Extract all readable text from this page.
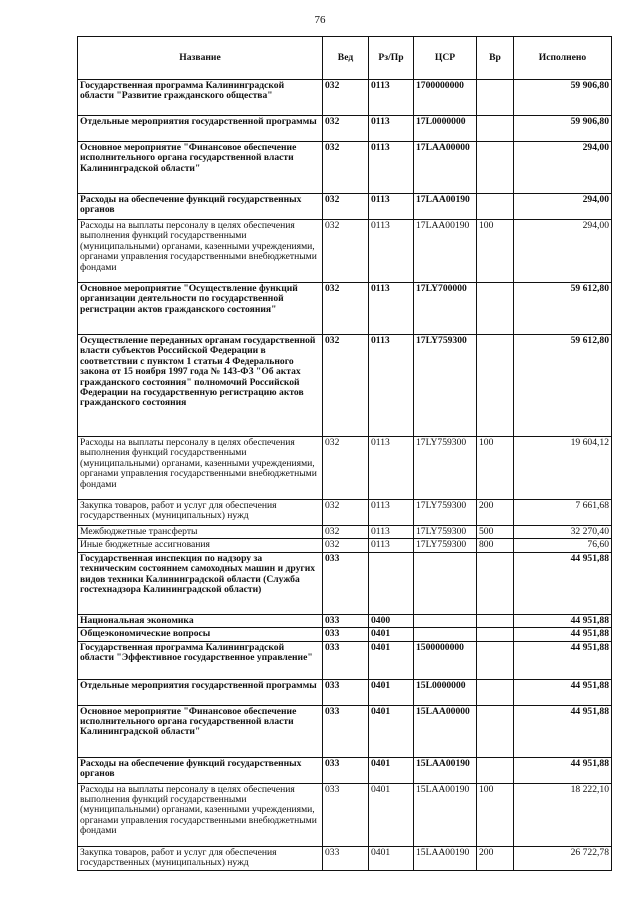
76
Название	Вед	Рз/Пр	ЦСР	Вр	Исполнено
Государственная программа Калининградской области "Развитие гражданского общества"	032	0113	1700000000		59 906,80
Отдельные мероприятия государственной программы	032	0113	17L0000000		59 906,80
Основное мероприятие "Финансовое обеспечение исполнительного органа государственной власти Калининградской области"	032	0113	17LAA00000		294,00
Расходы на обеспечение функций государственных органов	032	0113	17LAA00190		294,00
Расходы на выплаты персоналу в целях обеспечения выполнения функций государственными (муниципальными) органами, казенными учреждениями, органами управления государственными внебюджетными фондами	032	0113	17LAA00190	100	294,00
Основное мероприятие "Осуществление функций организации деятельности по государственной регистрации актов гражданского состояния"	032	0113	17LY700000		59 612,80
Осуществление переданных органам государственной власти субъектов Российской Федерации в соответствии с пунктом 1 статьи 4 Федерального закона от 15 ноября 1997 года № 143-ФЗ "Об актах гражданского состояния" полномочий Российской Федерации на государственную регистрацию актов гражданского состояния	032	0113	17LY759300		59 612,80
Расходы на выплаты персоналу в целях обеспечения выполнения функций государственными (муниципальными) органами, казенными учреждениями, органами управления государственными внебюджетными фондами	032	0113	17LY759300	100	19 604,12
Закупка товаров, работ и услуг для обеспечения государственных (муниципальных) нужд	032	0113	17LY759300	200	7 661,68
Межбюджетные трансферты	032	0113	17LY759300	500	32 270,40
Иные бюджетные ассигнования	032	0113	17LY759300	800	76,60
Государственная инспекция по надзору за техническим состоянием самоходных машин и других видов техники Калининградской области (Служба гостехнадзора Калининградской области)	033				44 951,88
Национальная экономика	033	0400			44 951,88
Общеэкономические вопросы	033	0401			44 951,88
Государственная программа Калининградской области "Эффективное государственное управление"	033	0401	1500000000		44 951,88
Отдельные мероприятия государственной программы	033	0401	15L0000000		44 951,88
Основное мероприятие "Финансовое обеспечение исполнительного органа государственной власти Калининградской области"	033	0401	15LAA00000		44 951,88
Расходы на обеспечение функций государственных органов	033	0401	15LAA00190		44 951,88
Расходы на выплаты персоналу в целях обеспечения выполнения функций государственными (муниципальными) органами, казенными учреждениями, органами управления государственными внебюджетными фондами	033	0401	15LAA00190	100	18 222,10
Закупка товаров, работ и услуг для обеспечения государственных (муниципальных) нужд	033	0401	15LAA00190	200	26 722,78
